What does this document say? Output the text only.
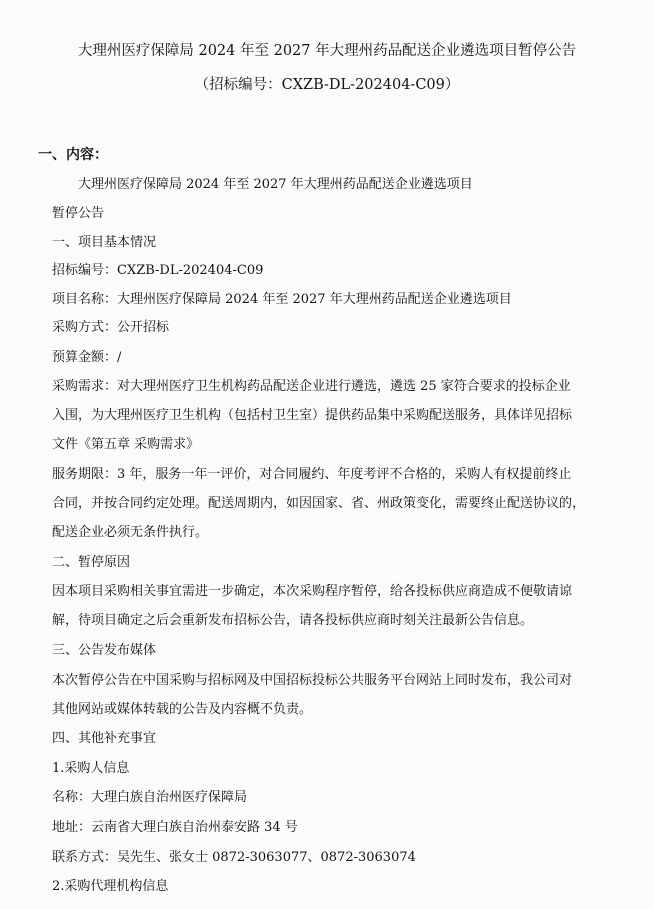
大理州医疗保障局 2024 年至 2027 年大理州药品配送企业遴选项目暂停公告
（招标编号：CXZB-DL-202404-C09）
一、内容：
大理州医疗保障局 2024 年至 2027 年大理州药品配送企业遴选项目
暂停公告
一、项目基本情况
招标编号：CXZB-DL-202404-C09
项目名称：大理州医疗保障局 2024 年至 2027 年大理州药品配送企业遴选项目
采购方式：公开招标
预算金额：/
采购需求：对大理州医疗卫生机构药品配送企业进行遴选，遴选 25 家符合要求的投标企业
入围，为大理州医疗卫生机构（包括村卫生室）提供药品集中采购配送服务，具体详见招标
文件《第五章 采购需求》
服务期限：3 年，服务一年一评价，对合同履约、年度考评不合格的，采购人有权提前终止
合同，并按合同约定处理。配送周期内，如因国家、省、州政策变化，需要终止配送协议的，
配送企业必须无条件执行。
二、暂停原因
因本项目采购相关事宜需进一步确定，本次采购程序暂停，给各投标供应商造成不便敬请谅
解，待项目确定之后会重新发布招标公告，请各投标供应商时刻关注最新公告信息。
三、公告发布媒体
本次暂停公告在中国采购与招标网及中国招标投标公共服务平台网站上同时发布，我公司对
其他网站或媒体转载的公告及内容概不负责。
四、其他补充事宜
1.采购人信息
名称：大理白族自治州医疗保障局
地址：云南省大理白族自治州泰安路 34 号
联系方式：吴先生、张女士 0872-3063077、0872-3063074
2.采购代理机构信息
